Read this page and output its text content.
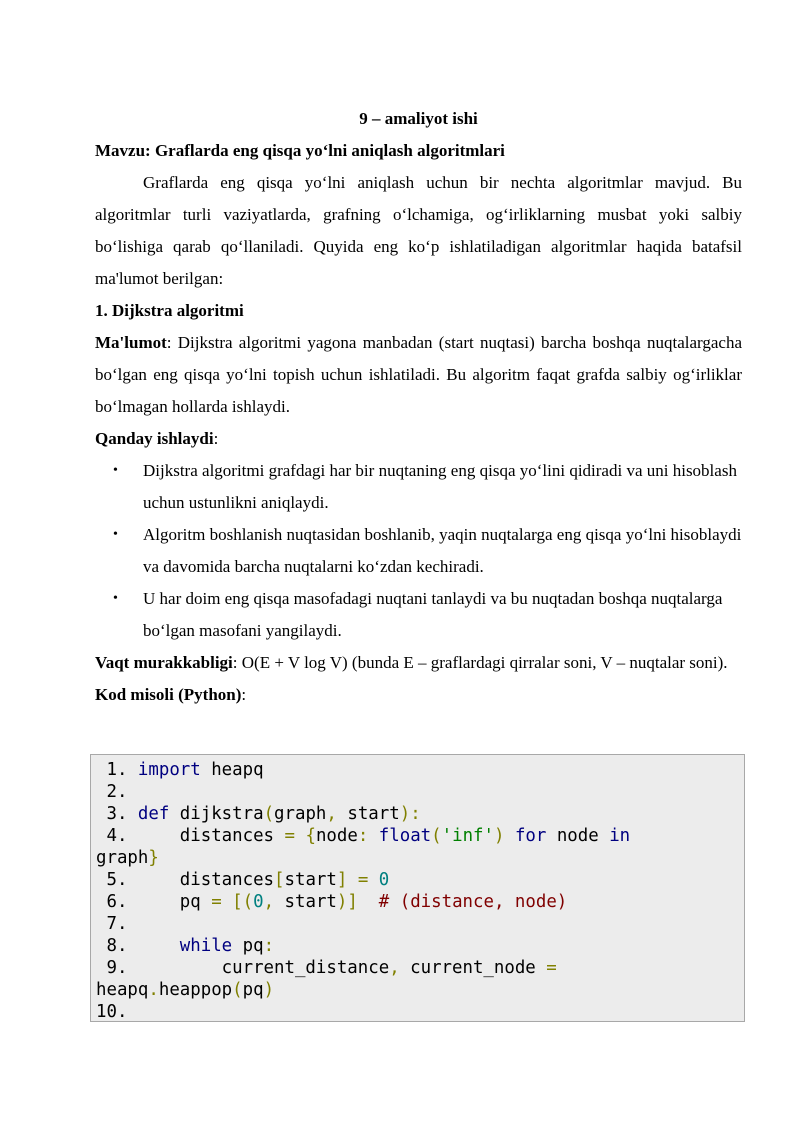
9 – amaliyot ishi
Mavzu: Graflarda eng qisqa yo‘lni aniqlash algoritmlari

Graflarda eng qisqa yo‘lni aniqlash uchun bir nechta algoritmlar mavjud. Bu algoritmlar turli vaziyatlarda, grafning o‘lchamiga, og‘irliklarning musbat yoki salbiy bo‘lishiga qarab qo‘llaniladi. Quyida eng ko‘p ishlatiladigan algoritmlar haqida batafsil ma'lumot berilgan:

1. Dijkstra algoritmi

Ma'lumot: Dijkstra algoritmi yagona manbadan (start nuqtasi) barcha boshqa nuqtalargacha bo‘lgan eng qisqa yo‘lni topish uchun ishlatiladi. Bu algoritm faqat grafda salbiy og‘irliklar bo‘lmagan hollarda ishlaydi.

Qanday ishlaydi:
• Dijkstra algoritmi grafdagi har bir nuqtaning eng qisqa yo‘lini qidiradi va uni hisoblash uchun ustunlikni aniqlaydi.
• Algoritm boshlanish nuqtasidan boshlanib, yaqin nuqtalarga eng qisqa yo‘lni hisoblaydi va davomida barcha nuqtalarni ko‘zdan kechiradi.
• U har doim eng qisqa masofadagi nuqtani tanlaydi va bu nuqtadan boshqa nuqtalarga bo‘lgan masofani yangilaydi.

Vaqt murakkabligi: O(E + V log V) (bunda E – graflardagi qirralar soni, V – nuqtalar soni).

Kod misoli (Python):
1. import heapq
2.
3. def dijkstra(graph, start):
4.     distances = {node: float('inf') for node in
graph}
5.     distances[start] = 0
6.     pq = [(0, start)]  # (distance, node)
7.
8.     while pq:
9.         current_distance, current_node =
heapq.heappop(pq)
10.
